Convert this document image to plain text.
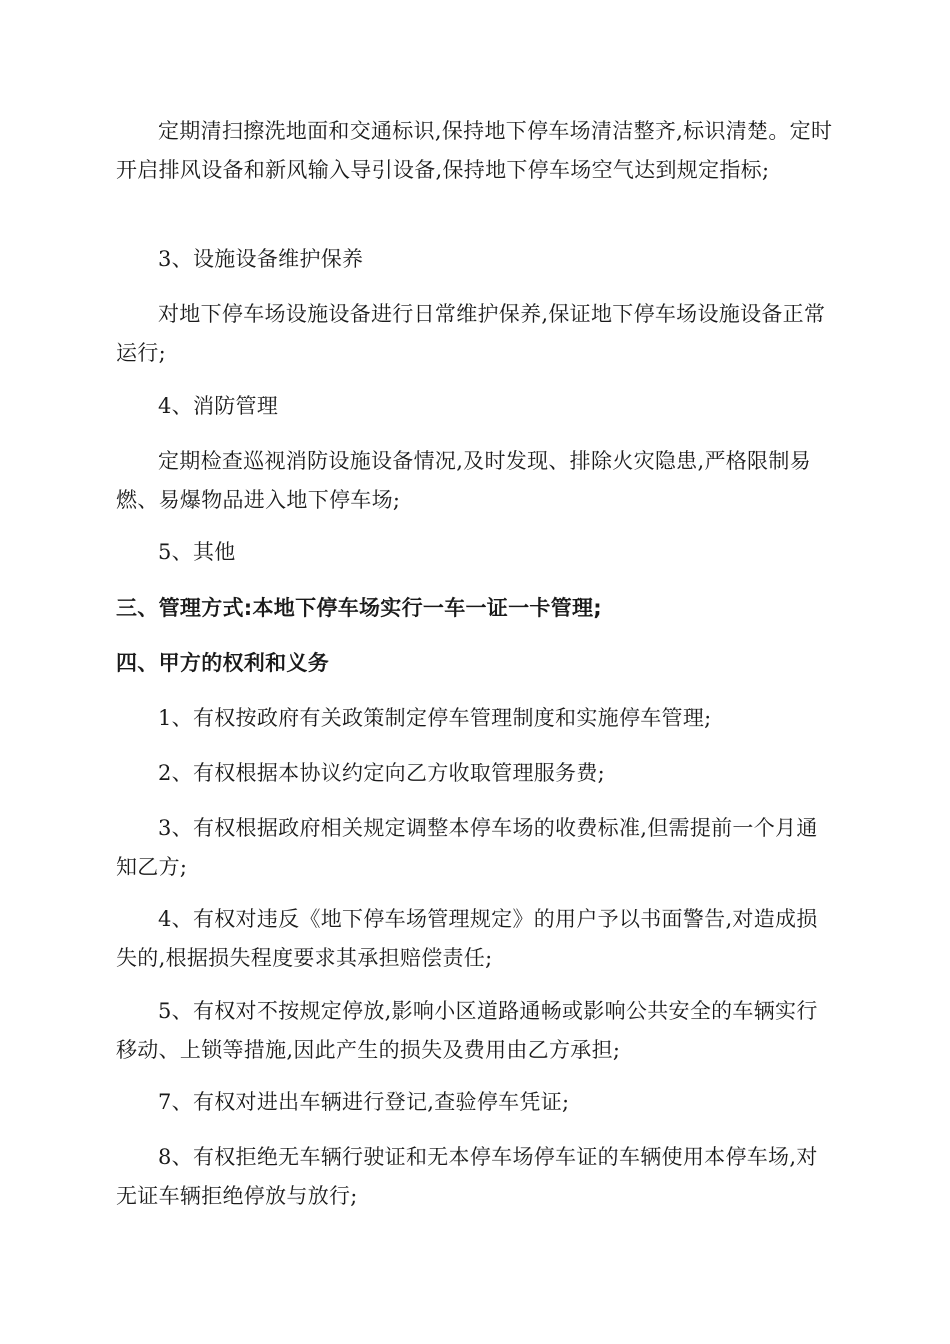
定期清扫擦洗地面和交通标识,保持地下停车场清洁整齐,标识清楚。定时开启排风设备和新风输入导引设备,保持地下停车场空气达到规定指标;

3、设施设备维护保养

对地下停车场设施设备进行日常维护保养,保证地下停车场设施设备正常运行;

4、消防管理

定期检查巡视消防设施设备情况,及时发现、排除火灾隐患,严格限制易燃、易爆物品进入地下停车场;

5、其他

三、管理方式:本地下停车场实行一车一证一卡管理;

四、甲方的权利和义务

1、有权按政府有关政策制定停车管理制度和实施停车管理;

2、有权根据本协议约定向乙方收取管理服务费;

3、有权根据政府相关规定调整本停车场的收费标准,但需提前一个月通知乙方;

4、有权对违反《地下停车场管理规定》的用户予以书面警告,对造成损失的,根据损失程度要求其承担赔偿责任;

5、有权对不按规定停放,影响小区道路通畅或影响公共安全的车辆实行移动、上锁等措施,因此产生的损失及费用由乙方承担;

7、有权对进出车辆进行登记,查验停车凭证;

8、有权拒绝无车辆行驶证和无本停车场停车证的车辆使用本停车场,对无证车辆拒绝停放与放行;
